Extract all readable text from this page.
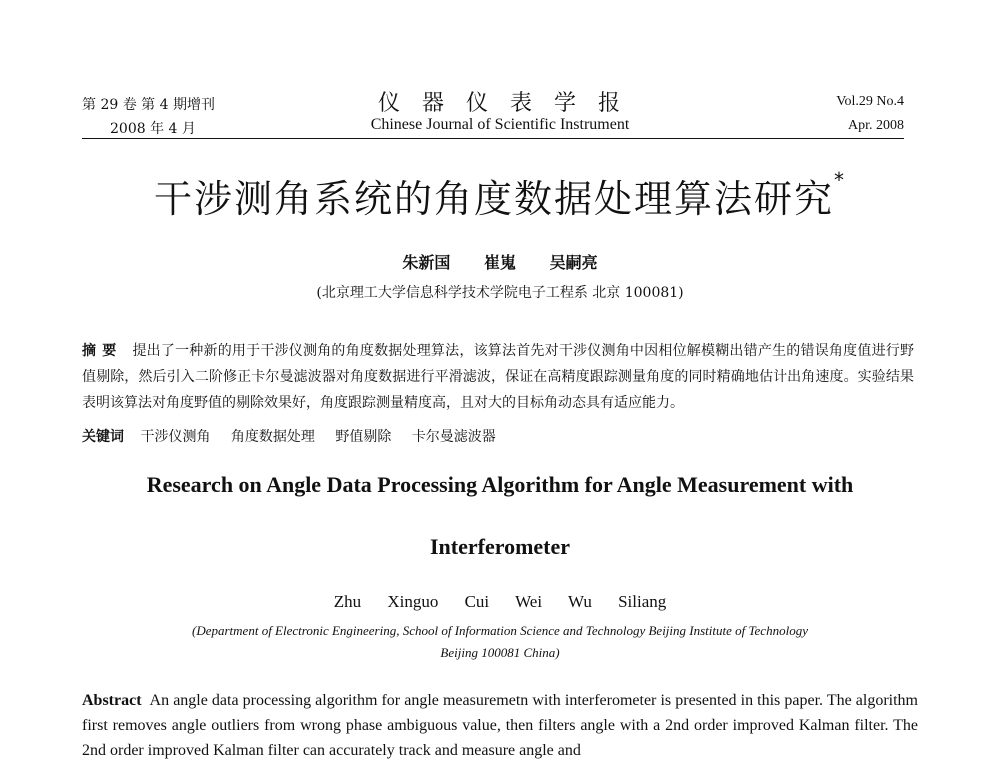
第 29 卷 第 4 期增刊
2008 年 4 月
仪器仪表学报
Chinese Journal of Scientific Instrument
Vol.29 No.4
Apr. 2008
干涉测角系统的角度数据处理算法研究*
朱新国 崔嵬 吴嗣亮
(北京理工大学信息科学技术学院电子工程系 北京 100081)
摘要 提出了一种新的用于干涉仪测角的角度数据处理算法，该算法首先对干涉仪测角中因相位解模糊出错产生的错误角度值进行野值剔除，然后引入二阶修正卡尔曼滤波器对角度数据进行平滑滤波，保证在高精度跟踪测量角度的同时精确地估计出角速度。实验结果表明该算法对角度野值的剔除效果好，角度跟踪测量精度高，且对大的目标角动态具有适应能力。
关键词 干涉仪测角 角度数据处理 野值剔除 卡尔曼滤波器
Research on Angle Data Processing Algorithm for Angle Measurement with
Interferometer
Zhu Xinguo Cui Wei Wu Siliang
(Department of Electronic Engineering, School of Information Science and Technology Beijing Institute of Technology
Beijing 100081 China)
Abstract An angle data processing algorithm for angle measuremetn with interferometer is presented in this paper. The algorithm first removes angle outliers from wrong phase ambiguous value, then filters angle with a 2nd order improved Kalman filter. The 2nd order improved Kalman filter can accurately track and measure angle and
